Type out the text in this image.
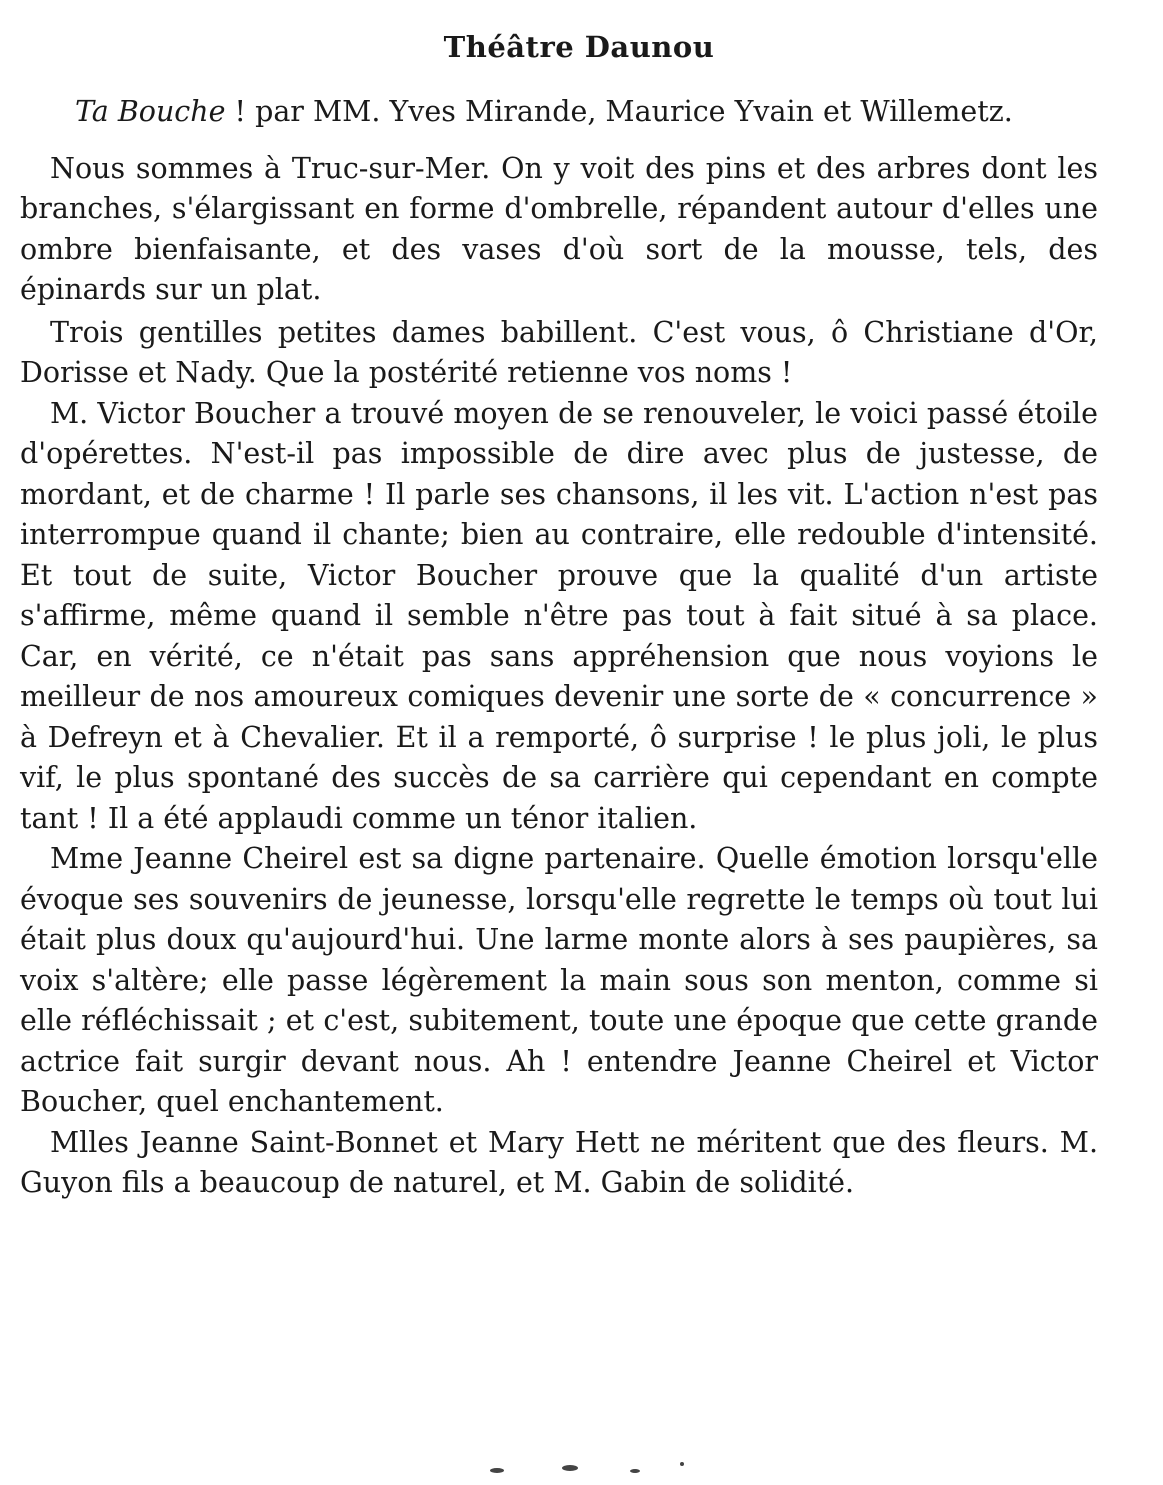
Théâtre Daunou

Ta Bouche ! par MM. Yves Mirande, Maurice Yvain et Willemetz.

Nous sommes à Truc-sur-Mer. On y voit des pins et des arbres dont les branches, s'élargissant en forme d'ombrelle, répandent autour d'elles une ombre bienfaisante, et des vases d'où sort de la mousse, tels, des épinards sur un plat.

Trois gentilles petites dames babillent. C'est vous, ô Christiane d'Or, Dorisse et Nady. Que la postérité retienne vos noms !

M. Victor Boucher a trouvé moyen de se renouveler, le voici passé étoile d'opérettes. N'est-il pas impossible de dire avec plus de justesse, de mordant, et de charme ! Il parle ses chansons, il les vit. L'action n'est pas interrompue quand il chante; bien au contraire, elle redouble d'intensité. Et tout de suite, Victor Boucher prouve que la qualité d'un artiste s'affirme, même quand il semble n'être pas tout à fait situé à sa place. Car, en vérité, ce n'était pas sans appréhension que nous voyions le meilleur de nos amoureux comiques devenir une sorte de « concurrence » à Defreyn et à Chevalier. Et il a remporté, ô surprise ! le plus joli, le plus vif, le plus spontané des succès de sa carrière qui cependant en compte tant ! Il a été applaudi comme un ténor italien.

Mme Jeanne Cheirel est sa digne partenaire. Quelle émotion lorsqu'elle évoque ses souvenirs de jeunesse, lorsqu'elle regrette le temps où tout lui était plus doux qu'aujourd'hui. Une larme monte alors à ses paupières, sa voix s'altère; elle passe légèrement la main sous son menton, comme si elle réfléchissait ; et c'est, subitement, toute une époque que cette grande actrice fait surgir devant nous. Ah ! entendre Jeanne Cheirel et Victor Boucher, quel enchantement.

Mlles Jeanne Saint-Bonnet et Mary Hett ne méritent que des fleurs. M. Guyon fils a beaucoup de naturel, et M. Gabin de solidité.
